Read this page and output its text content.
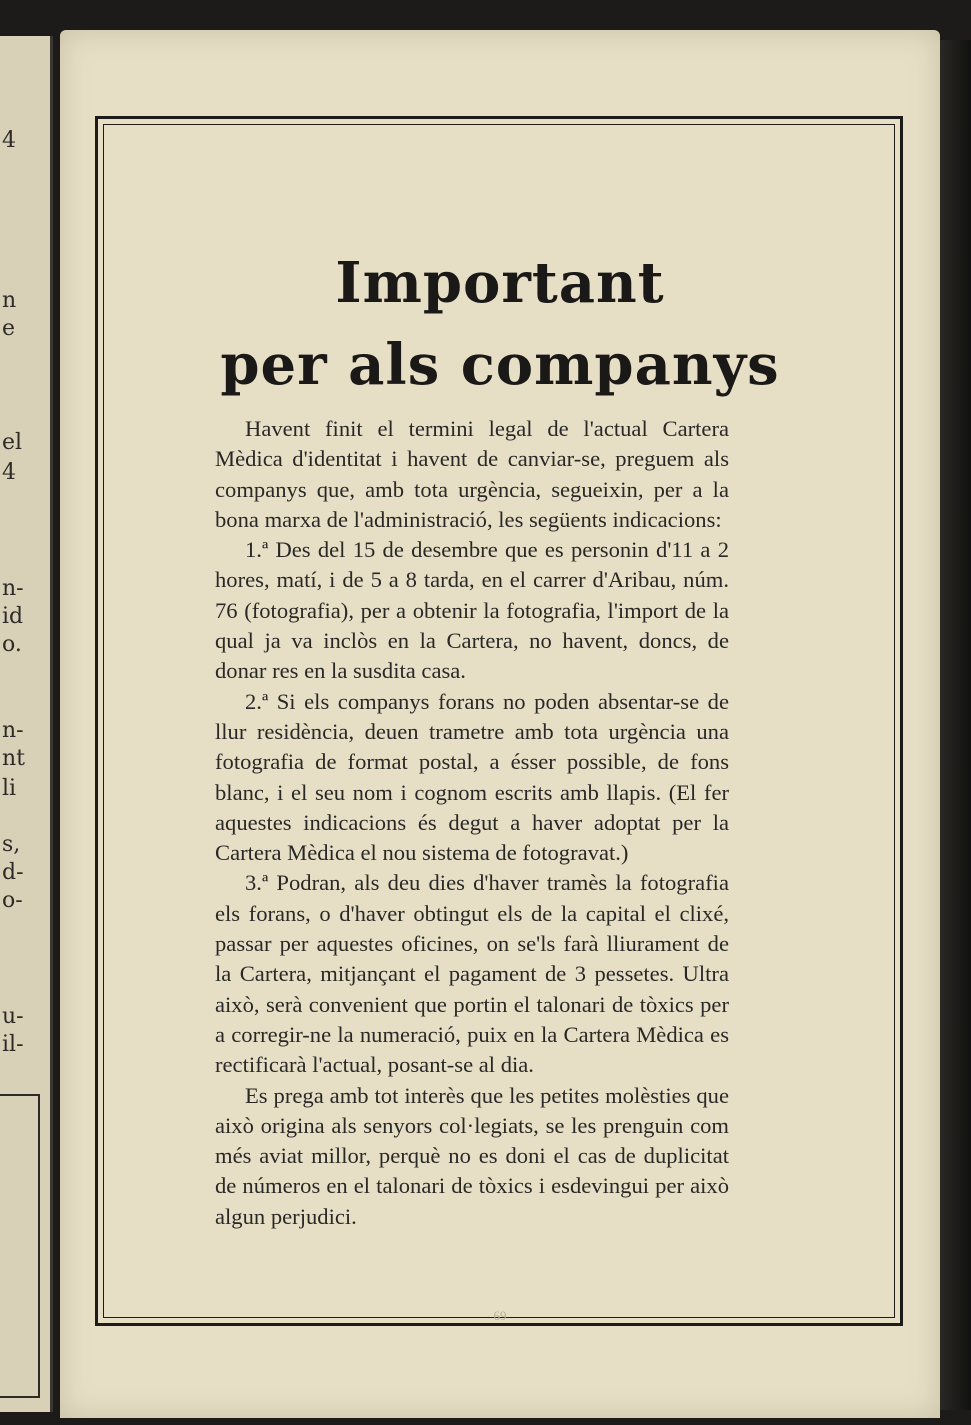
4
n
e
el
4
n-
id
o.
n-
nt
li
s,
d-
o-
u-
il-
Important
per als companys

Havent finit el termini legal de l'actual Cartera Mèdica d'identitat i havent de canviar-se, preguem als companys que, amb tota urgència, segueixin, per a la bona marxa de l'administració, les següents indicacions:

1.ª Des del 15 de desembre que es personin d'11 a 2 hores, matí, i de 5 a 8 tarda, en el carrer d'Aribau, núm. 76 (fotografia), per a obtenir la fotografia, l'import de la qual ja va inclòs en la Cartera, no havent, doncs, de donar res en la susdita casa.

2.ª Si els companys forans no poden absentar-se de llur residència, deuen trametre amb tota urgència una fotografia de format postal, a ésser possible, de fons blanc, i el seu nom i cognom escrits amb llapis. (El fer aquestes indicacions és degut a haver adoptat per la Cartera Mèdica el nou sistema de fotogravat.)

3.ª Podran, als deu dies d'haver tramès la fotografia els forans, o d'haver obtingut els de la capital el clixé, passar per aquestes oficines, on se'ls farà lliurament de la Cartera, mitjançant el pagament de 3 pessetes. Ultra això, serà convenient que portin el talonari de tòxics per a corregir-ne la numeració, puix en la Cartera Mèdica es rectificarà l'actual, posant-se al dia.

Es prega amb tot interès que les petites molèsties que això origina als senyors col·legiats, se les prenguin com més aviat millor, perquè no es doni el cas de duplicitat de números en el talonari de tòxics i esdevingui per això algun perjudici.

69
